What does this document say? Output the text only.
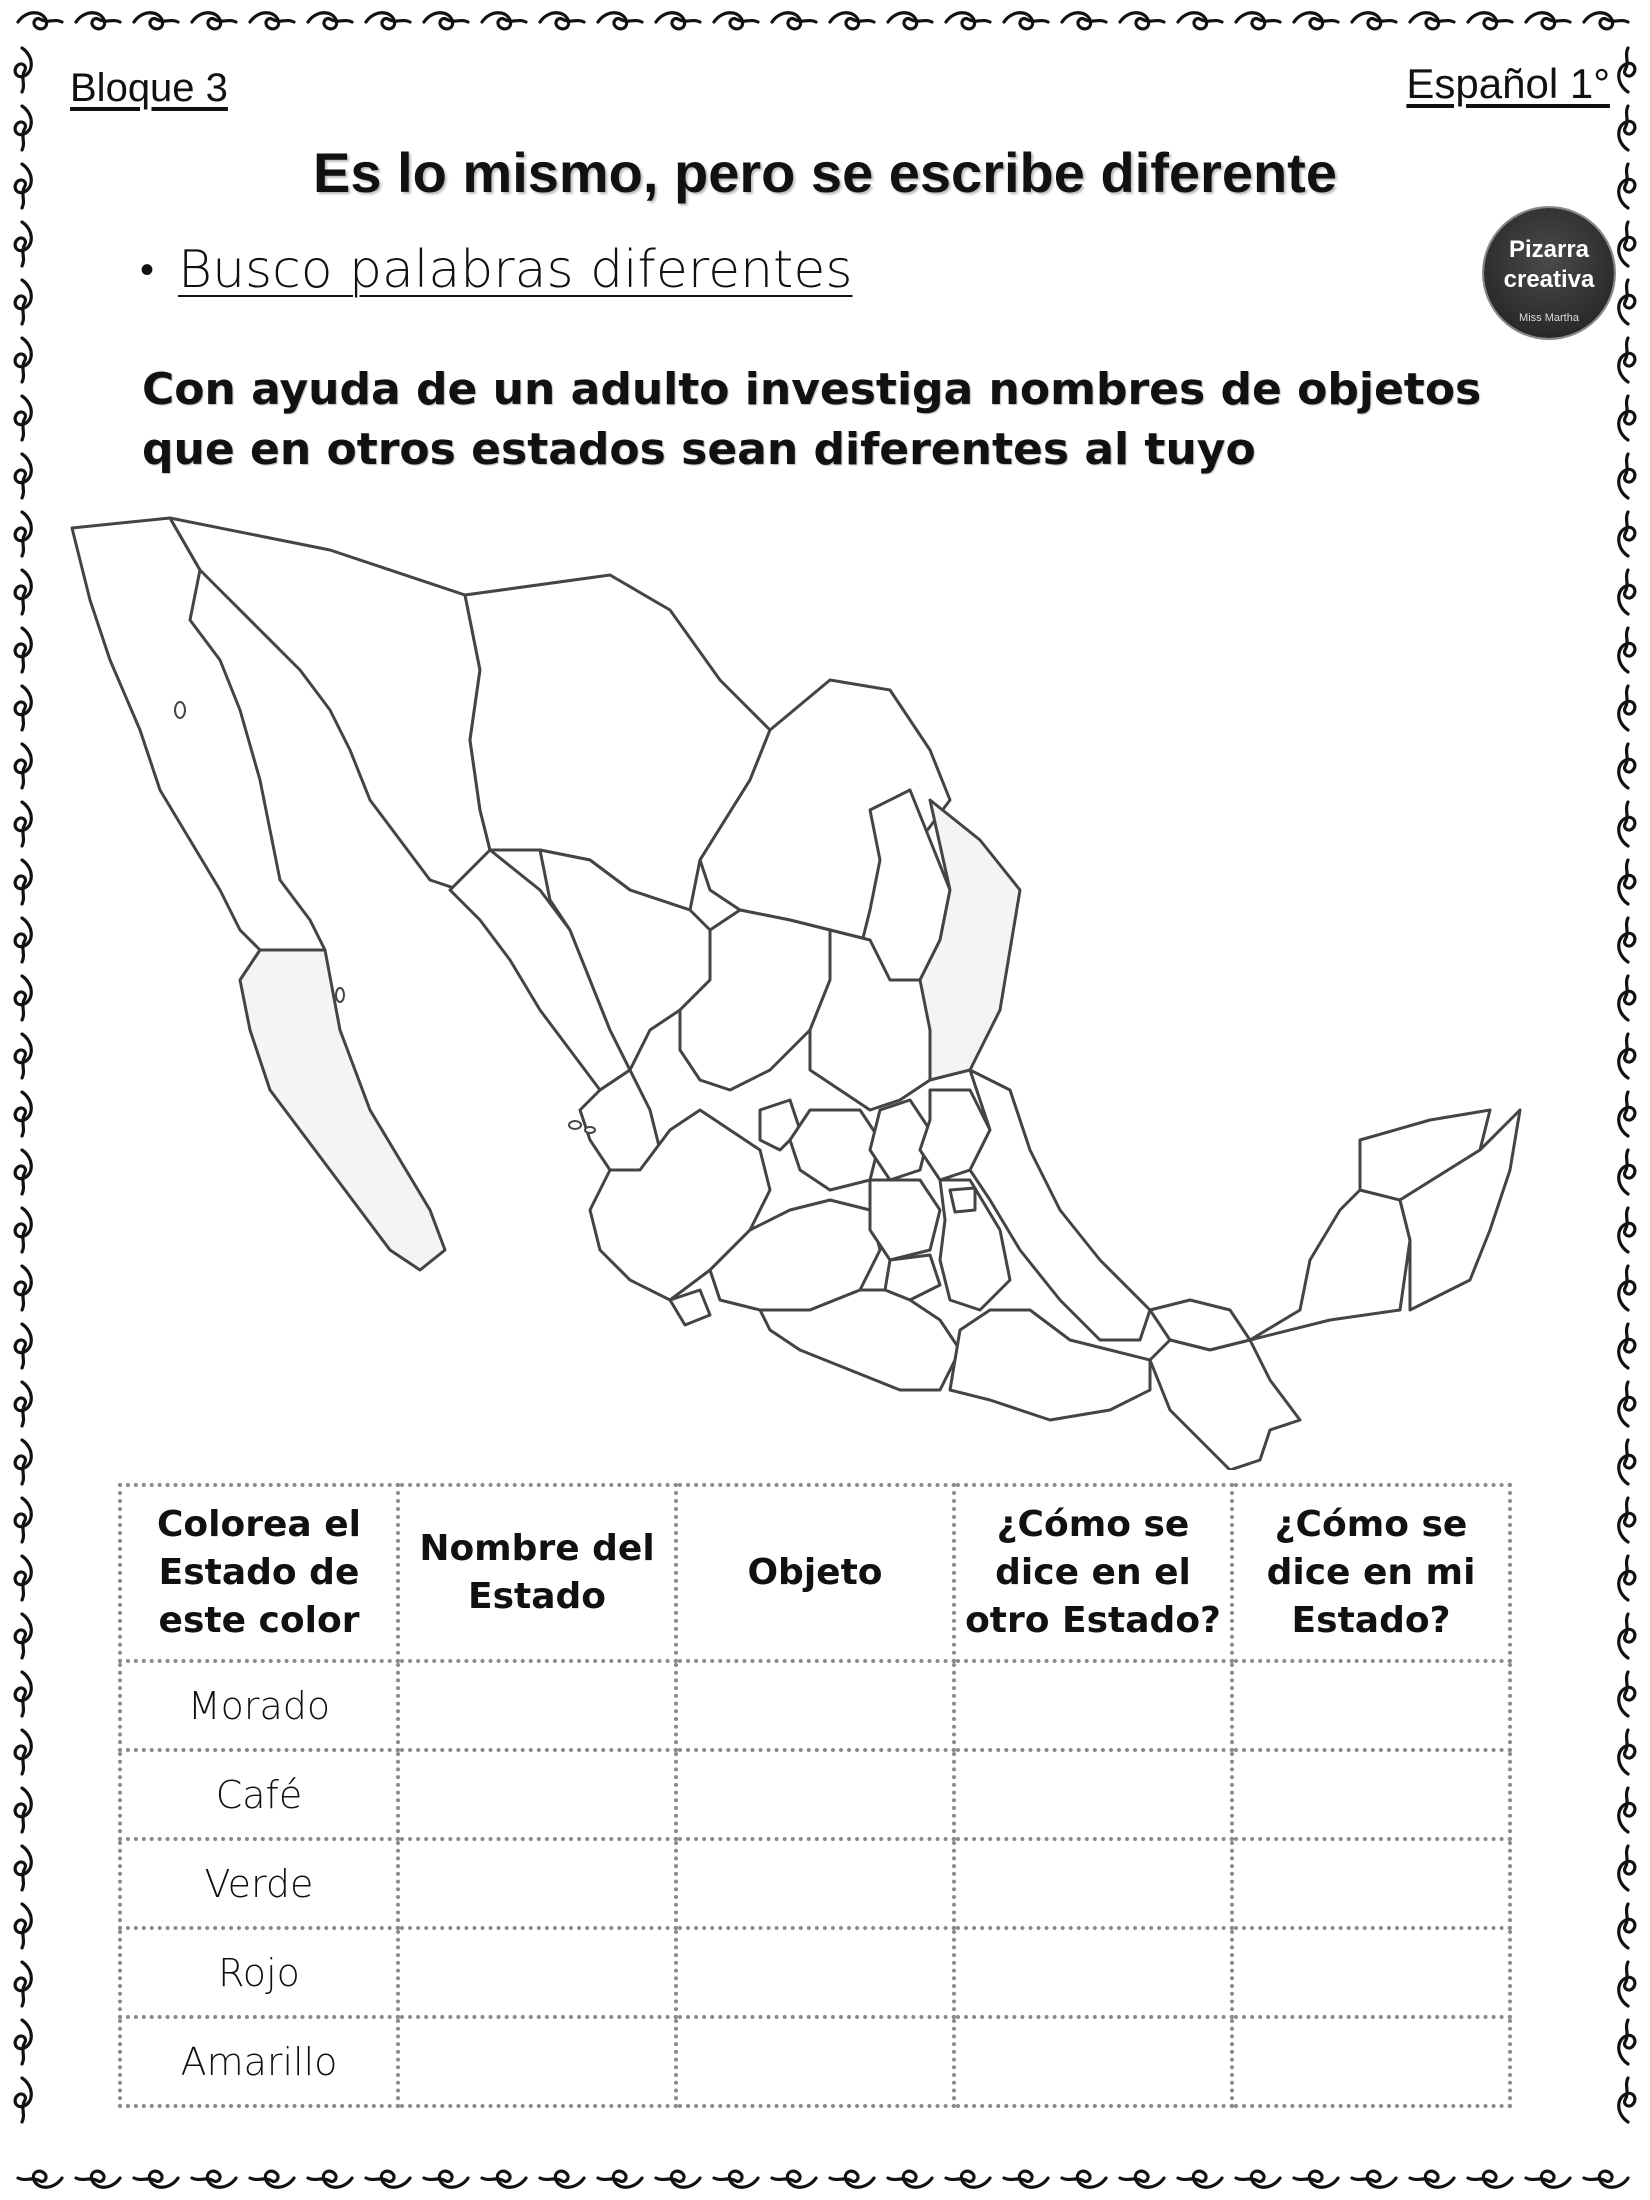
Bloque 3	Español 1°
Es lo mismo, pero se escribe diferente
• Busco palabras diferentes	Pizarra
creativa
Miss Martha
Con ayuda de un adulto investiga nombres de objetos
que en otros estados sean diferentes al tuyo
Colorea el Estado de este color	Nombre del Estado	Objeto	¿Cómo se dice en el otro Estado?	¿Cómo se dice en mi Estado?
Morado				
Café				
Verde				
Rojo				
Amarillo				
